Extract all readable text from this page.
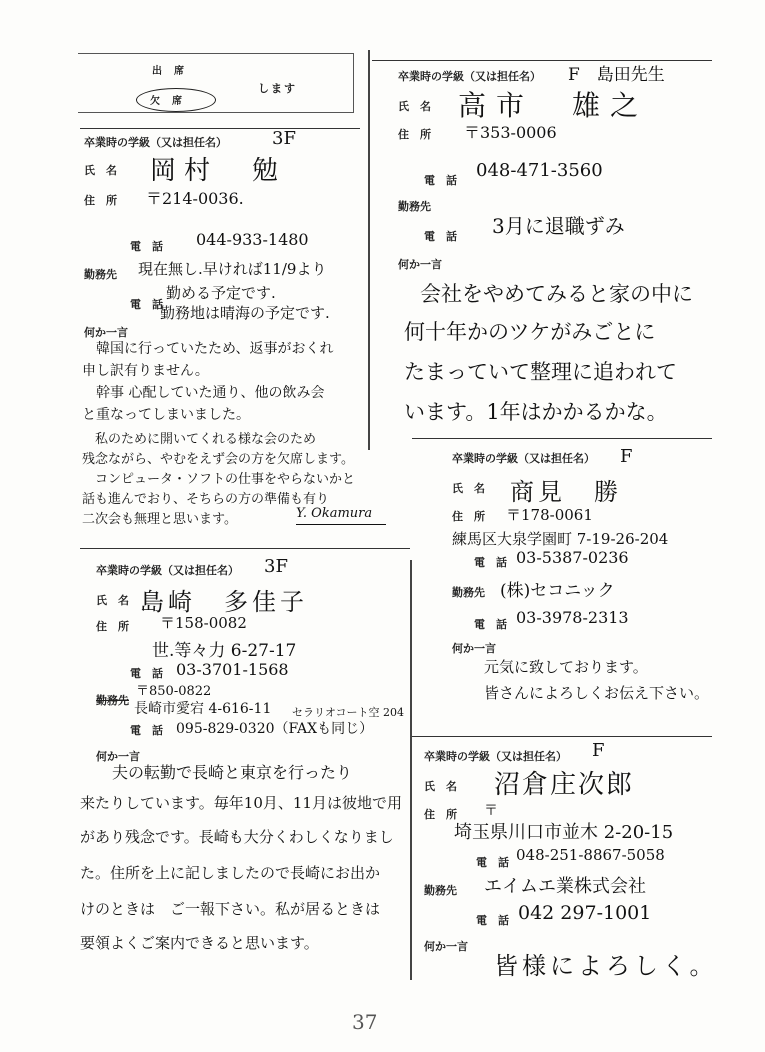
出　席
欠　席
します
卒業時の学級（又は担任名）	3F
氏　名 岡村　勉
住　所 〒214-0036.
電　話 044-933-1480
勤務先 現在無し.早ければ11/9より
電　話
勤める予定です.
勤務地は晴海の予定です.
何か一言
　韓国に行っていたため、返事がおくれ
申し訳有りません。
　幹事 心配していた通り、他の飲み会
と重なってしまいました。
　私のために開いてくれる様な会のため
残念ながら、やむをえず会の方を欠席します。
　コンピュータ・ソフトの仕事をやらないかと
話も進んでおり、そちらの方の準備も有り
二次会も無理と思います。	Y. Okamura
卒業時の学級（又は担任名） 3F
氏　名 島崎　多佳子
住　所 〒158-0082
世.等々力 6-27-17
電　話 03-3701-1568
勤務先
〒850-0822
長崎市愛宕 4-616-11 セラリオコート空 204
電　話 095-829-0320（FAXも同じ）
何か一言
　夫の転勤で長崎と東京を行ったり
来たりしています。毎年10月、11月は彼地で用
があり残念です。長崎も大分くわしくなりまし
た。住所を上に記しましたので長崎にお出か
けのときは　ご一報下さい。私が居るときは
要領よくご案内できると思います。
卒業時の学級（又は担任名） F　島田先生
氏　名 高市　雄之
住　所 〒353-0006
電　話 048-471-3560
勤務先
電　話 3月に退職ずみ
何か一言
会社をやめてみると家の中に
何十年かのツケがみごとに
たまっていて整理に追われて
います。1年はかかるかな。
卒業時の学級（又は担任名） F
氏　名 商見　勝
住　所 〒178-0061
練馬区大泉学園町 7-19-26-204
電　話 03-5387-0236
勤務先 (株)セコニック
電　話 03-3978-2313
何か一言
元気に致しております。
皆さんによろしくお伝え下さい。
卒業時の学級（又は担任名） F
氏　名 沼倉庄次郎
住　所 〒
埼玉県川口市並木 2-20-15
電　話 048-251-8867-5058
勤務先 エイムエ業株式会社
電　話 042 297-1001
何か一言
皆様によろしく。
37
